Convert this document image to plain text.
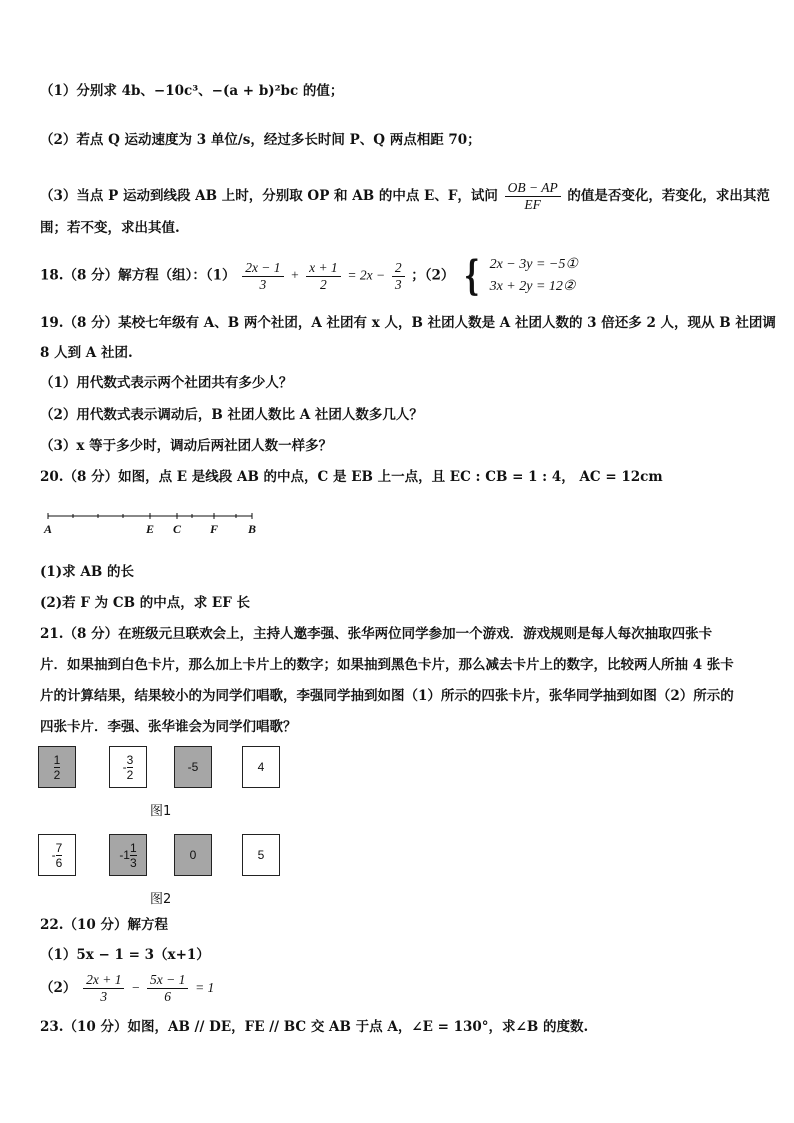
（1）分别求 4b、−10c³、−(a + b)²bc 的值；
（2）若点 Q 运动速度为 3 单位/s，经过多长时间 P、Q 两点相距 70；
（3）当点 P 运动到线段 AB 上时，分别取 OP 和 AB 的中点 E、F，试问 $\frac{OB - AP}{EF}$ 的值是否变化，若变化，求出其范
围；若不变，求出其值.
18.（8 分）解方程（组）：$(1) \frac{2x - 1}{3} + \frac{x + 1}{2} = 2x - \frac{2}{3}$ ；（2） { 2x − 3y = −5①
3x + 2y = 12②
19.（8 分）某校七年级有 A、B 两个社团，A 社团有 x 人，B 社团人数是 A 社团人数的 3 倍还多 2 人，现从 B 社团调
8 人到 A 社团.
（1）用代数式表示两个社团共有多少人？
（2）用代数式表示调动后，B 社团人数比 A 社团人数多几人？
（3）x 等于多少时，调动后两社团人数一样多？
20.（8 分）如图，点 E 是线段 AB 的中点，C 是 EB 上一点，且 EC : CB = 1 : 4， AC = 12cm
A	E C F B
(1)求 AB 的长
(2)若 F 为 CB 的中点，求 EF 长
21.（8 分）在班级元旦联欢会上，主持人邀李强、张华两位同学参加一个游戏．游戏规则是每人每次抽取四张卡
片．如果抽到白色卡片，那么加上卡片上的数字；如果抽到黑色卡片，那么减去卡片上的数字，比较两人所抽 4 张卡
片的计算结果，结果较小的为同学们唱歌，李强同学抽到如图（1）所示的四张卡片，张华同学抽到如图（2）所示的
四张卡片．李强、张华谁会为同学们唱歌？
$\frac{1}{2}$	- $\frac{3}{2}$	-5	4
图1
- $\frac{7}{6}$	$-1 \frac{1}{3}$	0	5
图2
22.（10 分）解方程
（1）5x − 1 = 3（x+1）
$(2) \frac{2x + 1}{3} - \frac{5x - 1}{6} = 1$
23.（10 分）如图，AB // DE，FE // BC 交 AB 于点 A，∠E = 130°，求∠B 的度数.
